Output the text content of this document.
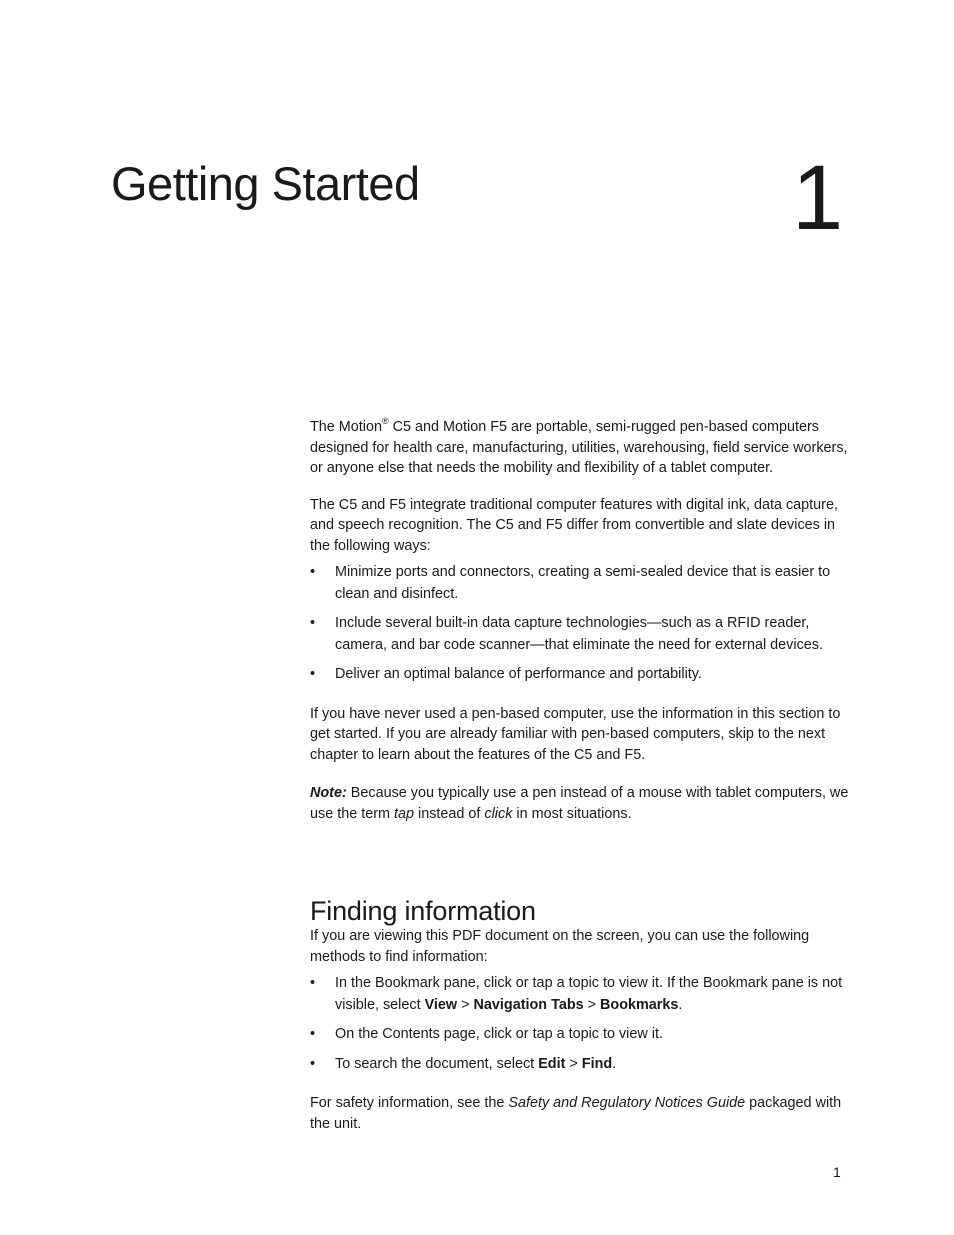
Getting Started	1

The Motion® C5 and Motion F5 are portable, semi-rugged pen-based computers designed for health care, manufacturing, utilities, warehousing, field service workers, or anyone else that needs the mobility and flexibility of a tablet computer.

The C5 and F5 integrate traditional computer features with digital ink, data capture, and speech recognition. The C5 and F5 differ from convertible and slate devices in the following ways:

• Minimize ports and connectors, creating a semi-sealed device that is easier to clean and disinfect.
• Include several built-in data capture technologies—such as a RFID reader, camera, and bar code scanner—that eliminate the need for external devices.
• Deliver an optimal balance of performance and portability.

If you have never used a pen-based computer, use the information in this section to get started. If you are already familiar with pen-based computers, skip to the next chapter to learn about the features of the C5 and F5.

Note: Because you typically use a pen instead of a mouse with tablet computers, we use the term tap instead of click in most situations.

Finding information

If you are viewing this PDF document on the screen, you can use the following methods to find information:

• In the Bookmark pane, click or tap a topic to view it. If the Bookmark pane is not visible, select View > Navigation Tabs > Bookmarks.
• On the Contents page, click or tap a topic to view it.
• To search the document, select Edit > Find.

For safety information, see the Safety and Regulatory Notices Guide packaged with the unit.

1
